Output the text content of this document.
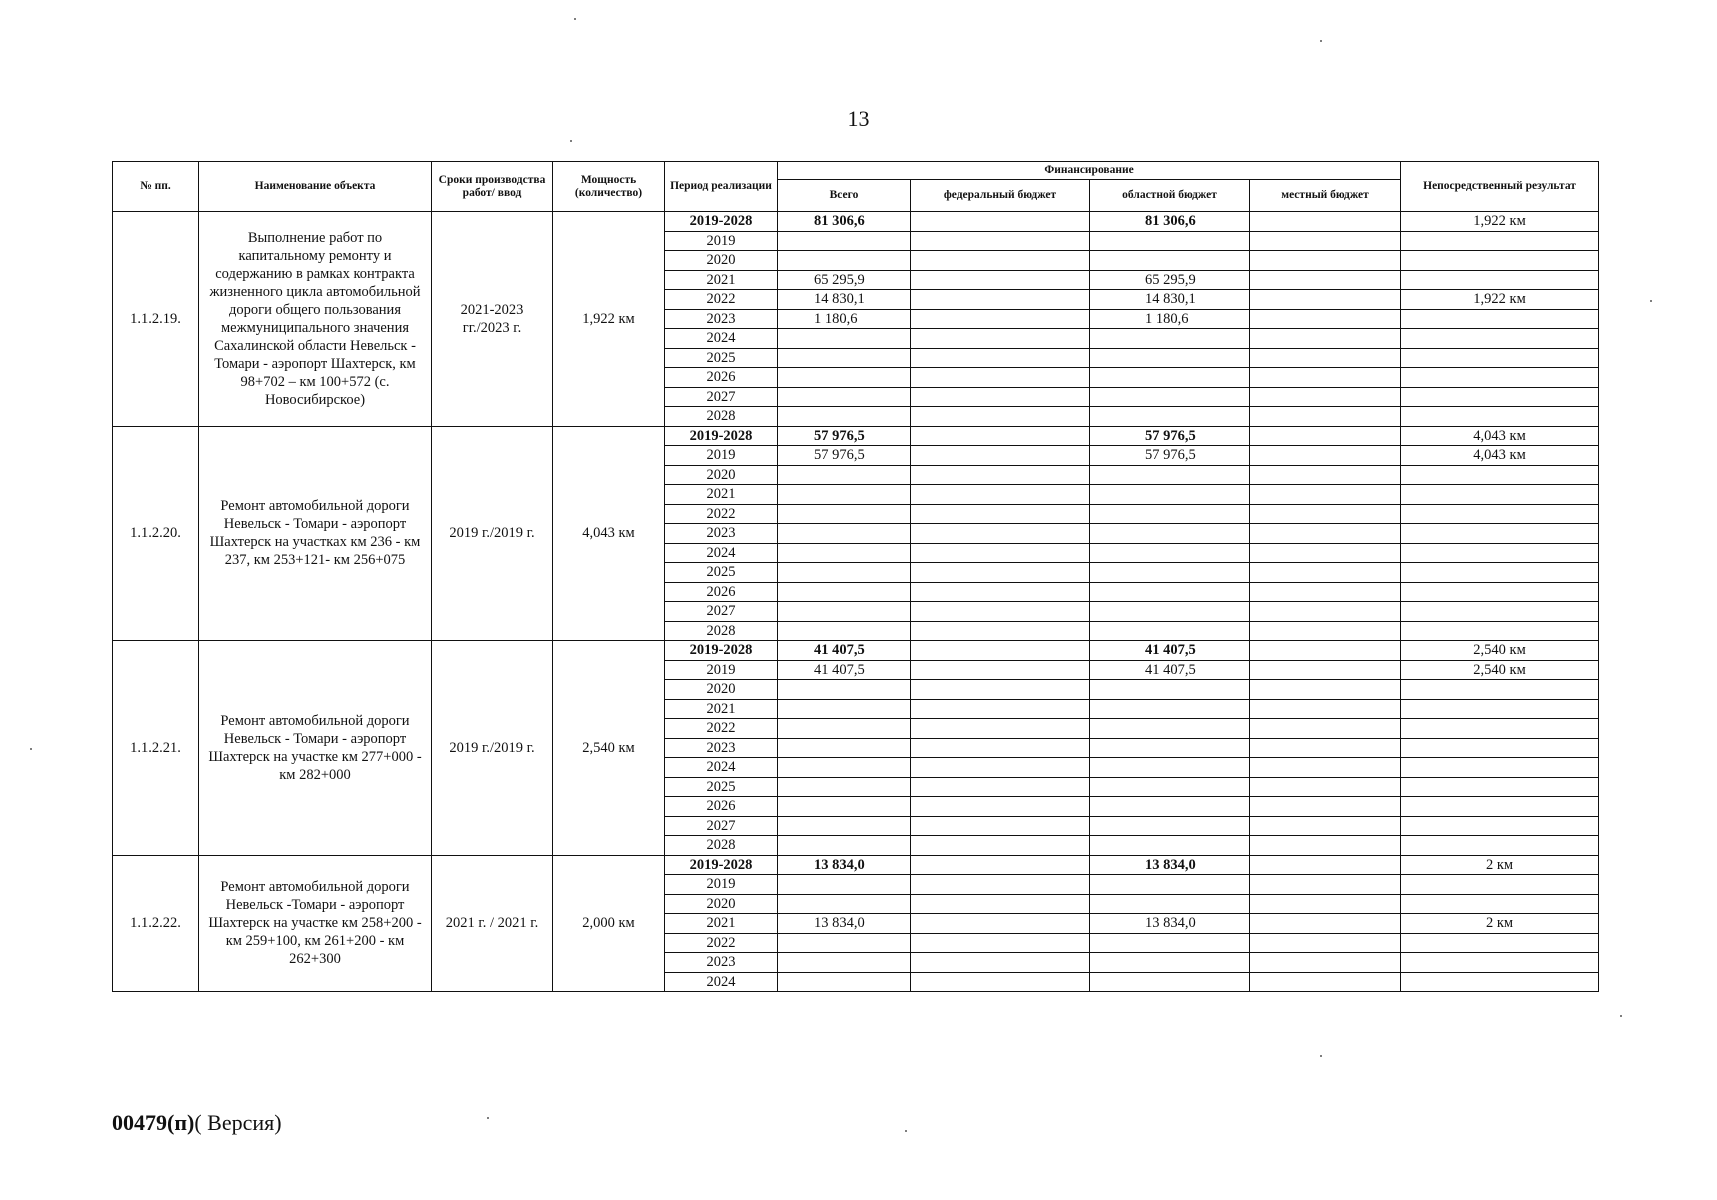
13
№ пп.	Наименование объекта	Сроки производства работ/ ввод	Мощность (количество)	Период реализации	Финансирование				Непосредственный результат
					Всего	федеральный бюджет	областной бюджет	местный бюджет	
1.1.2.19.	Выполнение работ по капитальному ремонту и содержанию в рамках контракта жизненного цикла автомобильной дороги общего пользования межмуниципального значения Сахалинской области Невельск - Томари - аэропорт Шахтерск, км 98+702 – км 100+572 (с. Новосибирское)	2021-2023 гг./2023 г.	1,922 км	2019-2028	81 306,6		81 306,6		1,922 км
				2019					
				2020					
				2021	65 295,9		65 295,9		
				2022	14 830,1		14 830,1		1,922 км
				2023	1 180,6		1 180,6		
				2024					
				2025					
				2026					
				2027					
				2028					
1.1.2.20.	Ремонт автомобильной дороги Невельск - Томари - аэропорт Шахтерск на участках км 236 - км 237, км 253+121- км 256+075	2019 г./2019 г.	4,043 км	2019-2028	57 976,5		57 976,5		4,043 км
				2019	57 976,5		57 976,5		4,043 км
				2020					
				2021					
				2022					
				2023					
				2024					
				2025					
				2026					
				2027					
				2028					
1.1.2.21.	Ремонт автомобильной дороги Невельск - Томари - аэропорт Шахтерск на участке км 277+000 - км 282+000	2019 г./2019 г.	2,540 км	2019-2028	41 407,5		41 407,5		2,540 км
				2019	41 407,5		41 407,5		2,540 км
				2020					
				2021					
				2022					
				2023					
				2024					
				2025					
				2026					
				2027					
				2028					
1.1.2.22.	Ремонт автомобильной дороги Невельск -Томари - аэропорт Шахтерск на участке км 258+200 - км 259+100, км 261+200 - км 262+300	2021 г. / 2021 г.	2,000 км	2019-2028	13 834,0		13 834,0		2 км
				2019					
				2020					
				2021	13 834,0		13 834,0		2 км
				2022					
				2023					
				2024					
00479(п)( Версия)
